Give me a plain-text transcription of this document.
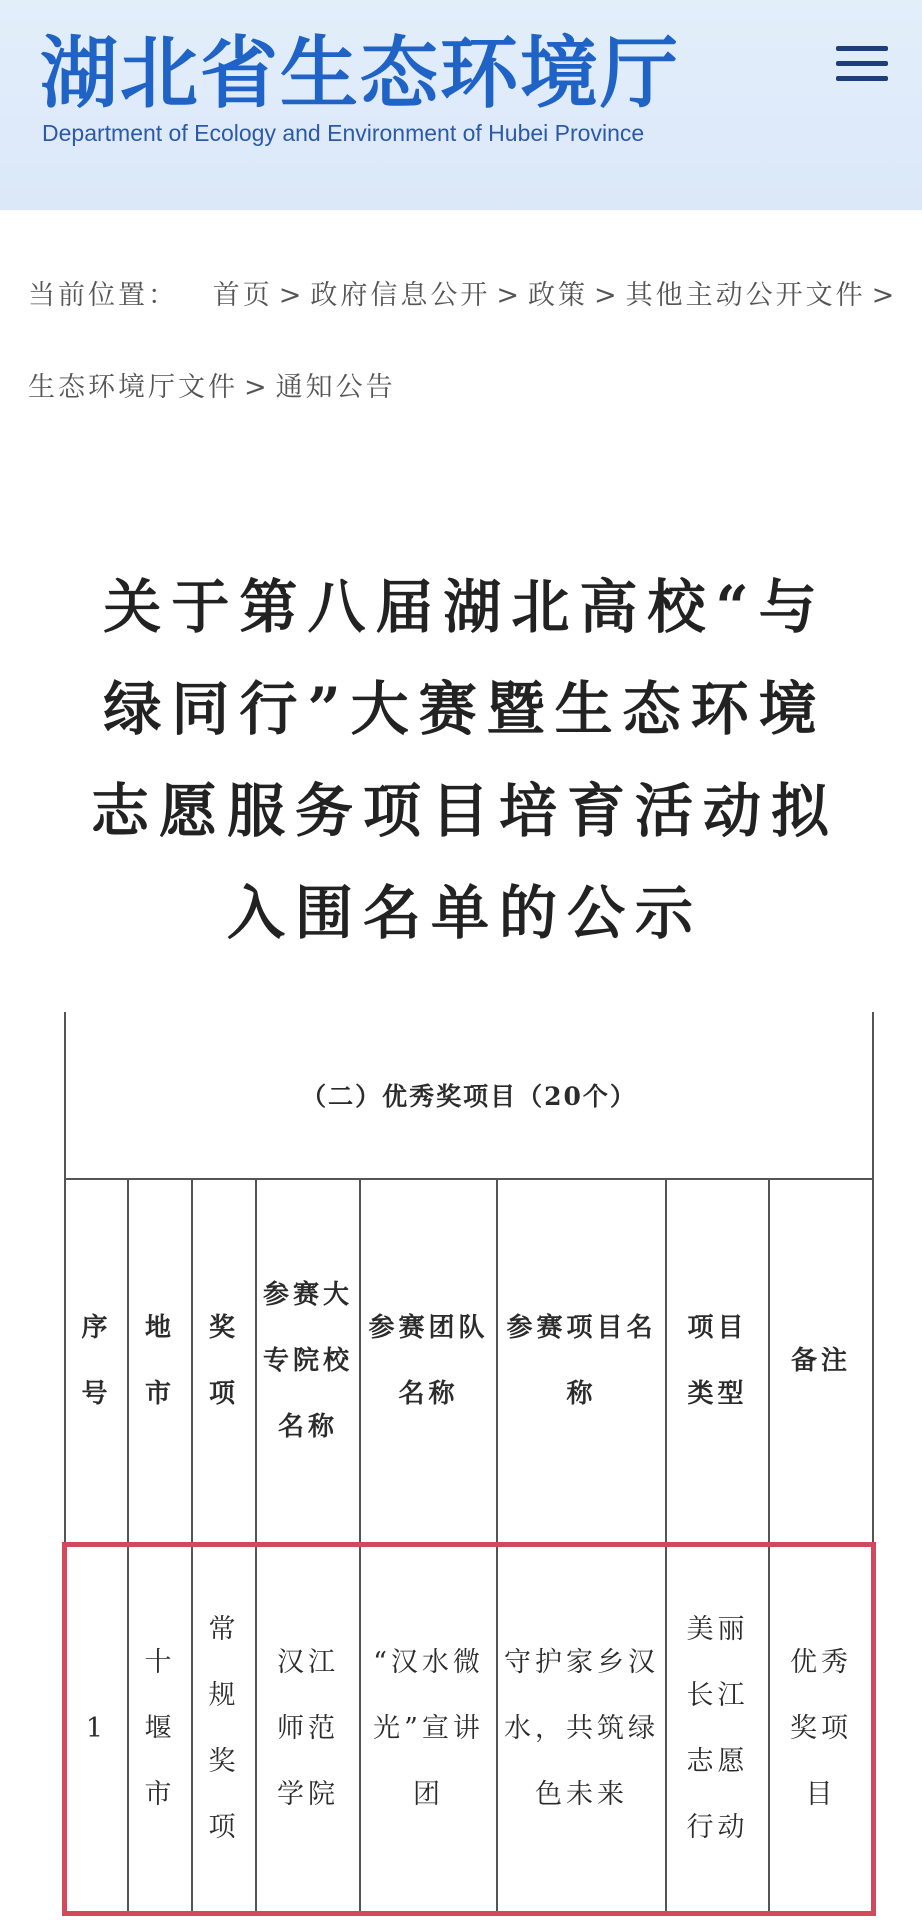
湖北省生态环境厅
Department of Ecology and Environment of Hubei Province
当前位置： 首页 > 政府信息公开 > 政策 > 其他主动公开文件 >生态环境厅文件 > 通知公告
关于第八届湖北高校“与绿同行”大赛暨生态环境志愿服务项目培育活动拟入围名单的公示
（二）优秀奖项目（20个）							
序号	地市	奖项	参赛大专院校名称	参赛团队名称	参赛项目名称	项目类型	备注
1	十堰市	常规奖项	汉江师范学院	“汉水微光”宣讲团	守护家乡汉水，共筑绿色未来	美丽长江志愿行动	优秀奖项目
